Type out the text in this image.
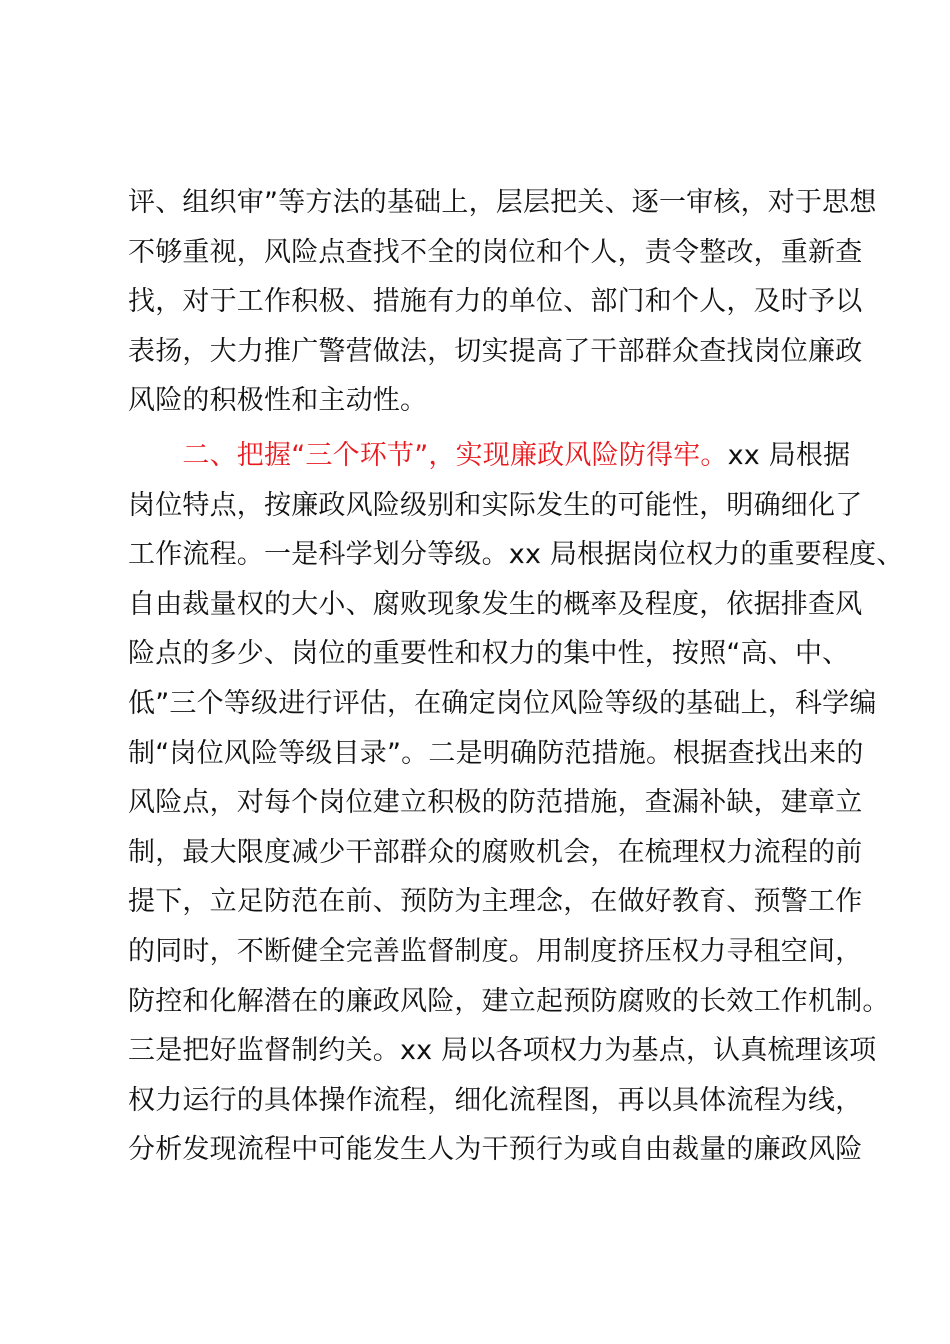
评、组织审”等方法的基础上，层层把关、逐一审核，对于思想
不够重视，风险点查找不全的岗位和个人，责令整改，重新查
找，对于工作积极、措施有力的单位、部门和个人，及时予以
表扬，大力推广警营做法，切实提高了干部群众查找岗位廉政
风险的积极性和主动性。
　　二、把握“三个环节”，实现廉政风险防得牢。xx 局根据
岗位特点，按廉政风险级别和实际发生的可能性，明确细化了
工作流程。一是科学划分等级。xx 局根据岗位权力的重要程度、
自由裁量权的大小、腐败现象发生的概率及程度，依据排查风
险点的多少、岗位的重要性和权力的集中性，按照“高、中、
低”三个等级进行评估，在确定岗位风险等级的基础上，科学编
制“岗位风险等级目录”。二是明确防范措施。根据查找出来的
风险点，对每个岗位建立积极的防范措施，查漏补缺，建章立
制，最大限度减少干部群众的腐败机会，在梳理权力流程的前
提下，立足防范在前、预防为主理念，在做好教育、预警工作
的同时，不断健全完善监督制度。用制度挤压权力寻租空间，
防控和化解潜在的廉政风险，建立起预防腐败的长效工作机制。
三是把好监督制约关。xx 局以各项权力为基点，认真梳理该项
权力运行的具体操作流程，细化流程图，再以具体流程为线，
分析发现流程中可能发生人为干预行为或自由裁量的廉政风险
